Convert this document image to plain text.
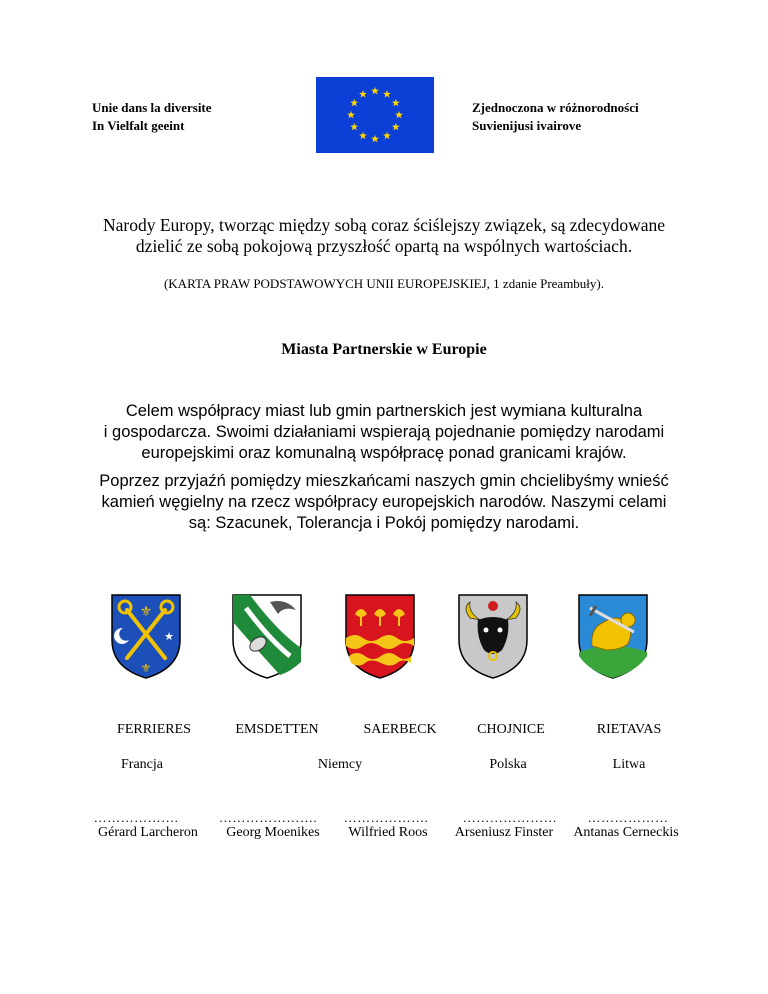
Unie dans la diversite
In Vielfalt geeint
Zjednoczona w różnorodności
Suvienijusi ivairove
Narody Europy, tworząc między sobą coraz ściślejszy związek, są zdecydowane
dzielić ze sobą pokojową przyszłość opartą na wspólnych wartościach.
(KARTA PRAW PODSTAWOWYCH UNII EUROPEJSKIEJ, 1 zdanie Preambuły).
Miasta Partnerskie w Europie
Celem współpracy miast lub gmin partnerskich jest wymiana kulturalna
i gospodarcza. Swoimi działaniami wspierają pojednanie pomiędzy narodami
europejskimi oraz komunalną współpracę ponad granicami krajów.
Poprzez przyjaźń pomiędzy mieszkańcami naszych gmin chcielibyśmy wnieść
kamień węgielny na rzecz współpracy europejskich narodów. Naszymi celami
są: Szacunek, Tolerancja i Pokój pomiędzy narodami.
⚜
⚜
★
FERRIERES	EMSDETTEN	SAERBECK	CHOJNICE	RIETAVAS
Francja	Niemcy	Polska	Litwa
……………….	………………….	……………….	…………………	………………
Gérard Larcheron	Georg Moenikes	Wilfried Roos	Arseniusz Finster	Antanas Cerneckis
